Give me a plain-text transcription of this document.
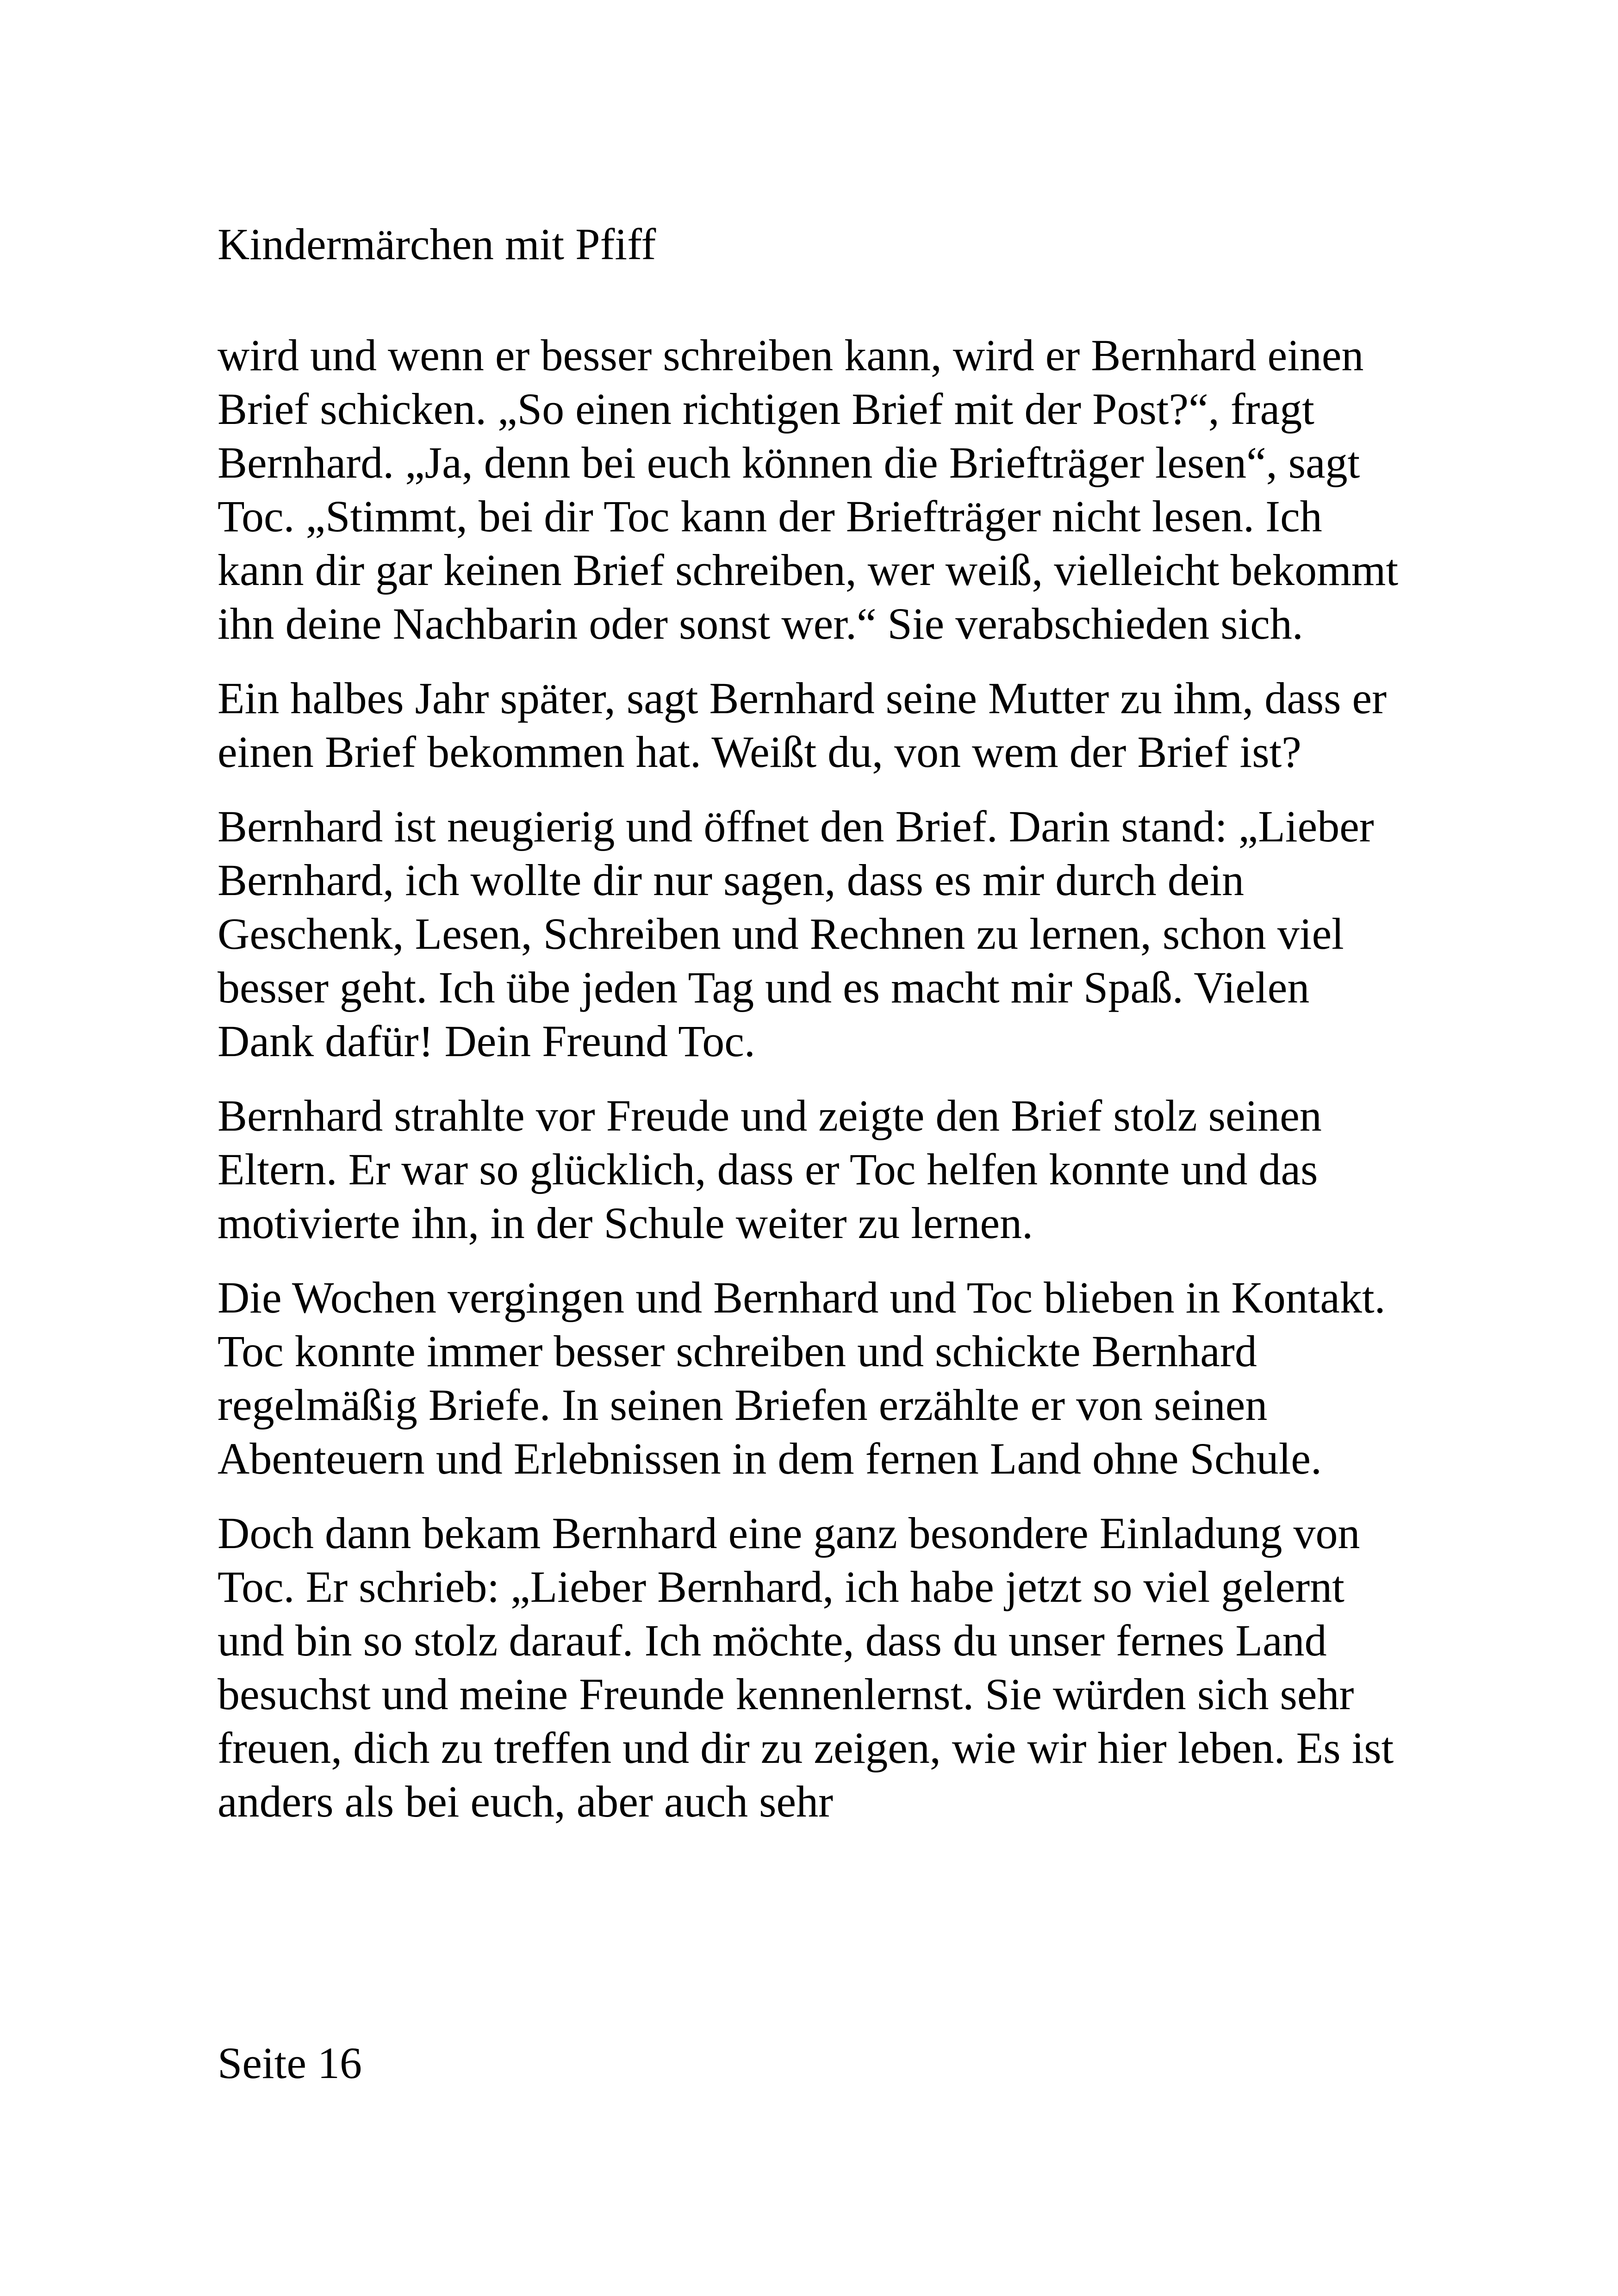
Kindermärchen mit Pfiff

wird und wenn er besser schreiben kann, wird er Bernhard einen Brief schicken. „So einen richtigen Brief mit der Post?“, fragt Bernhard. „Ja, denn bei euch können die Briefträger lesen“, sagt Toc. „Stimmt, bei dir Toc kann der Briefträger nicht lesen. Ich kann dir gar keinen Brief schreiben, wer weiß, vielleicht bekommt ihn deine Nachbarin oder sonst wer.“ Sie verabschieden sich.

Ein halbes Jahr später, sagt Bernhard seine Mutter zu ihm, dass er einen Brief bekommen hat. Weißt du, von wem der Brief ist?

Bernhard ist neugierig und öffnet den Brief. Darin stand: „Lieber Bernhard, ich wollte dir nur sagen, dass es mir durch dein Geschenk, Lesen, Schreiben und Rechnen zu lernen, schon viel besser geht. Ich übe jeden Tag und es macht mir Spaß. Vielen Dank dafür! Dein Freund Toc.

Bernhard strahlte vor Freude und zeigte den Brief stolz seinen Eltern. Er war so glücklich, dass er Toc helfen konnte und das motivierte ihn, in der Schule weiter zu lernen.

Die Wochen vergingen und Bernhard und Toc blieben in Kontakt. Toc konnte immer besser schreiben und schickte Bernhard regelmäßig Briefe. In seinen Briefen erzählte er von seinen Abenteuern und Erlebnissen in dem fernen Land ohne Schule.

Doch dann bekam Bernhard eine ganz besondere Einladung von Toc. Er schrieb: „Lieber Bernhard, ich habe jetzt so viel gelernt und bin so stolz darauf. Ich möchte, dass du unser fernes Land besuchst und meine Freunde kennenlernst. Sie würden sich sehr freuen, dich zu treffen und dir zu zeigen, wie wir hier leben. Es ist anders als bei euch, aber auch sehr

Seite 16
